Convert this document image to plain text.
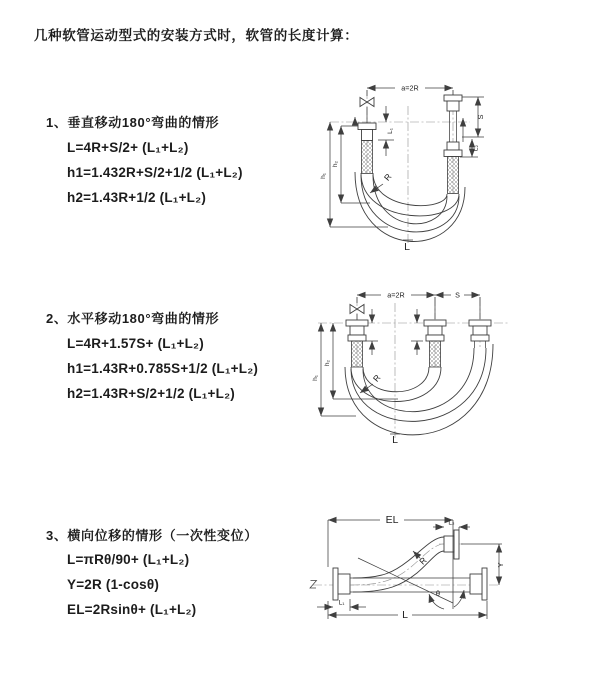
几种软管运动型式的安装方式时，软管的长度计算：
1、垂直移动180°弯曲的情形
L=4R+S/2+ (L₁+L₂)
h1=1.432R+S/2+1/2 (L₁+L₂)
h2=1.43R+1/2 (L₁+L₂)
2、水平移动180°弯曲的情形
L=4R+1.57S+ (L₁+L₂)
h1=1.43R+0.785S+1/2 (L₁+L₂)
h2=1.43R+S/2+1/2 (L₁+L₂)
3、横向位移的情形（一次性变位）
L=πRθ/90+ (L₁+L₂)
Y=2R (1-cosθ)
EL=2Rsinθ+ (L₁+L₂)
a=2R
h₁
h₂
L₁
S
L₂
R
L
a=2R	S
h₁
h₂
R
L
EL	L₂
θ
R	Y
L₁
L
